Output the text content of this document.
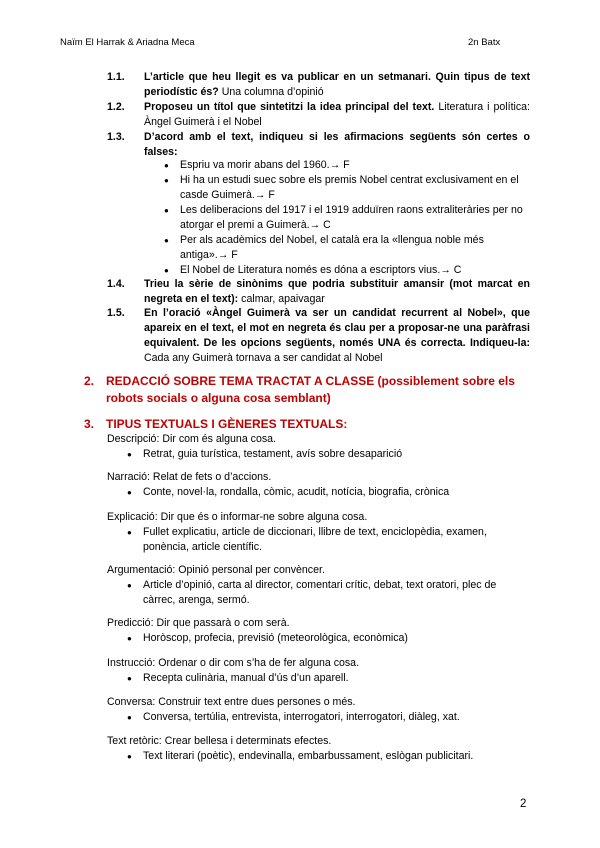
Naïm El Harrak & Ariadna Meca	2n Batx
1.1. L’article que heu llegit es va publicar en un setmanari. Quin tipus de text periodístic és? Una columna d’opinió
1.2. Proposeu un títol que sintetitzi la idea principal del text. Literatura i política: Àngel Guimerà i el Nobel
1.3. D’acord amb el text, indiqueu si les afirmacions següents són certes o falses:
● Espriu va morir abans del 1960.→ F
● Hi ha un estudi suec sobre els premis Nobel centrat exclusivament en el casde Guimerà.→ F
● Les deliberacions del 1917 i el 1919 adduïren raons extraliteràries per no atorgar el premi a Guimerà.→ C
● Per als acadèmics del Nobel, el català era la «llengua noble més antiga».→ F
● El Nobel de Literatura només es dóna a escriptors vius.→ C
1.4. Trieu la sèrie de sinònims que podria substituir amansir (mot marcat en negreta en el text): calmar, apaivagar
1.5. En l’oració «Àngel Guimerà va ser un candidat recurrent al Nobel», que apareix en el text, el mot en negreta és clau per a proposar-ne una paràfrasi equivalent. De les opcions següents, només UNA és correcta. Indiqueu-la: Cada any Guimerà tornava a ser candidat al Nobel
2. REDACCIÓ SOBRE TEMA TRACTAT A CLASSE (possiblement sobre els robots socials o alguna cosa semblant)
3. TIPUS TEXTUALS I GÈNERES TEXTUALS:

Descripció: Dir com és alguna cosa.

● Retrat, guia turística, testament, avís sobre desaparició

Narració: Relat de fets o d’accions.

● Conte, novel·la, rondalla, còmic, acudit, notícia, biografia, crònica

Explicació: Dir que és o informar-ne sobre alguna cosa.

● Fullet explicatiu, article de diccionari, llibre de text, enciclopèdia, examen, ponència, article científic.

Argumentació: Opinió personal per convèncer.

● Article d’opinió, carta al director, comentari crític, debat, text oratori, plec de càrrec, arenga, sermó.

Predicció: Dir que passarà o com serà.

● Horòscop, profecia, previsió (meteorològica, econòmica)

Instrucció: Ordenar o dir com s’ha de fer alguna cosa.

● Recepta culinària, manual d’ús d’un aparell.

Conversa: Construir text entre dues persones o més.

● Conversa, tertúlia, entrevista, interrogatori, interrogatori, diàleg, xat.

Text retòric: Crear bellesa i determinats efectes.

● Text literari (poètic), endevinalla, embarbussament, eslògan publicitari.
2
